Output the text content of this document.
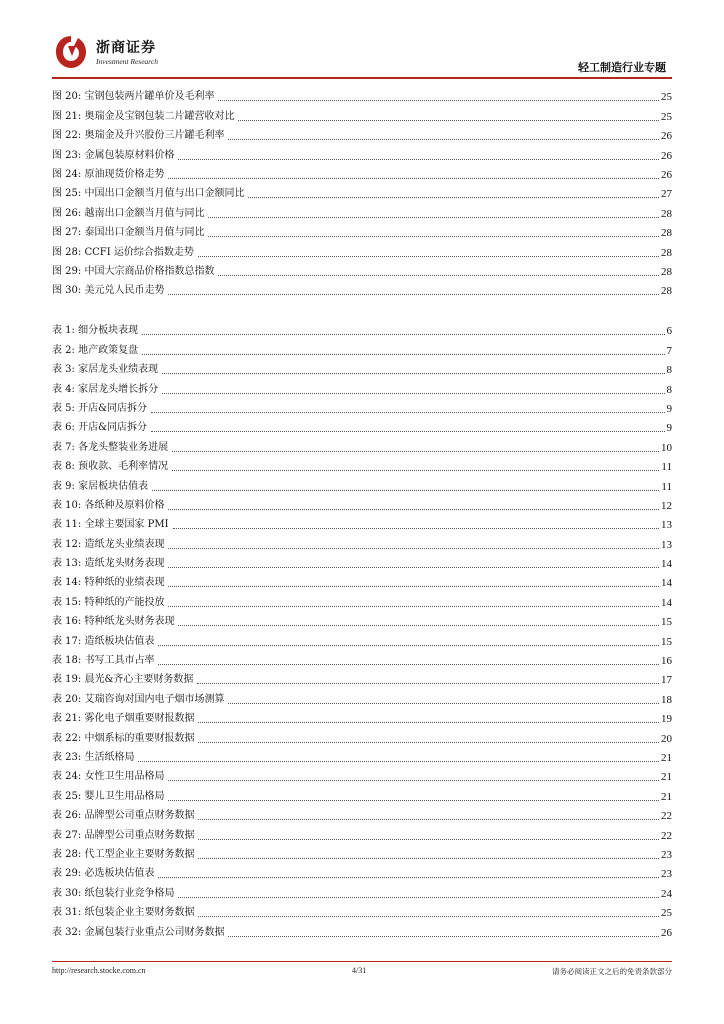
浙商证券
Investment Research	轻工制造行业专题
图 20: 宝钢包装两片罐单价及毛利率	25
图 21: 奥瑞金及宝钢包装二片罐营收对比	25
图 22: 奥瑞金及升兴股份三片罐毛利率	26
图 23: 金属包装原材料价格	26
图 24: 原油现货价格走势	26
图 25: 中国出口金额当月值与出口金额同比	27
图 26: 越南出口金额当月值与同比	28
图 27: 泰国出口金额当月值与同比	28
图 28: CCFI 运价综合指数走势	28
图 29: 中国大宗商品价格指数总指数	28
图 30: 美元兑人民币走势	28
表 1: 细分板块表现	6
表 2: 地产政策复盘	7
表 3: 家居龙头业绩表现	8
表 4: 家居龙头增长拆分	8
表 5: 开店&同店拆分	9
表 6: 开店&同店拆分	9
表 7: 各龙头整装业务进展	10
表 8: 预收款、毛利率情况	11
表 9: 家居板块估值表	11
表 10: 各纸种及原料价格	12
表 11: 全球主要国家 PMI	13
表 12: 造纸龙头业绩表现	13
表 13: 造纸龙头财务表现	14
表 14: 特种纸的业绩表现	14
表 15: 特种纸的产能投放	14
表 16: 特种纸龙头财务表现	15
表 17: 造纸板块估值表	15
表 18: 书写工具市占率	16
表 19: 晨光&齐心主要财务数据	17
表 20: 艾瑞咨询对国内电子烟市场测算	18
表 21: 雾化电子烟重要财报数据	19
表 22: 中烟系标的重要财报数据	20
表 23: 生活纸格局	21
表 24: 女性卫生用品格局	21
表 25: 婴儿卫生用品格局	21
表 26: 品牌型公司重点财务数据	22
表 27: 品牌型公司重点财务数据	22
表 28: 代工型企业主要财务数据	23
表 29: 必选板块估值表	23
表 30: 纸包装行业竞争格局	24
表 31: 纸包装企业主要财务数据	25
表 32: 金属包装行业重点公司财务数据	26
http://research.stocke.com.cn	4/31	请务必阅读正文之后的免责条款部分
